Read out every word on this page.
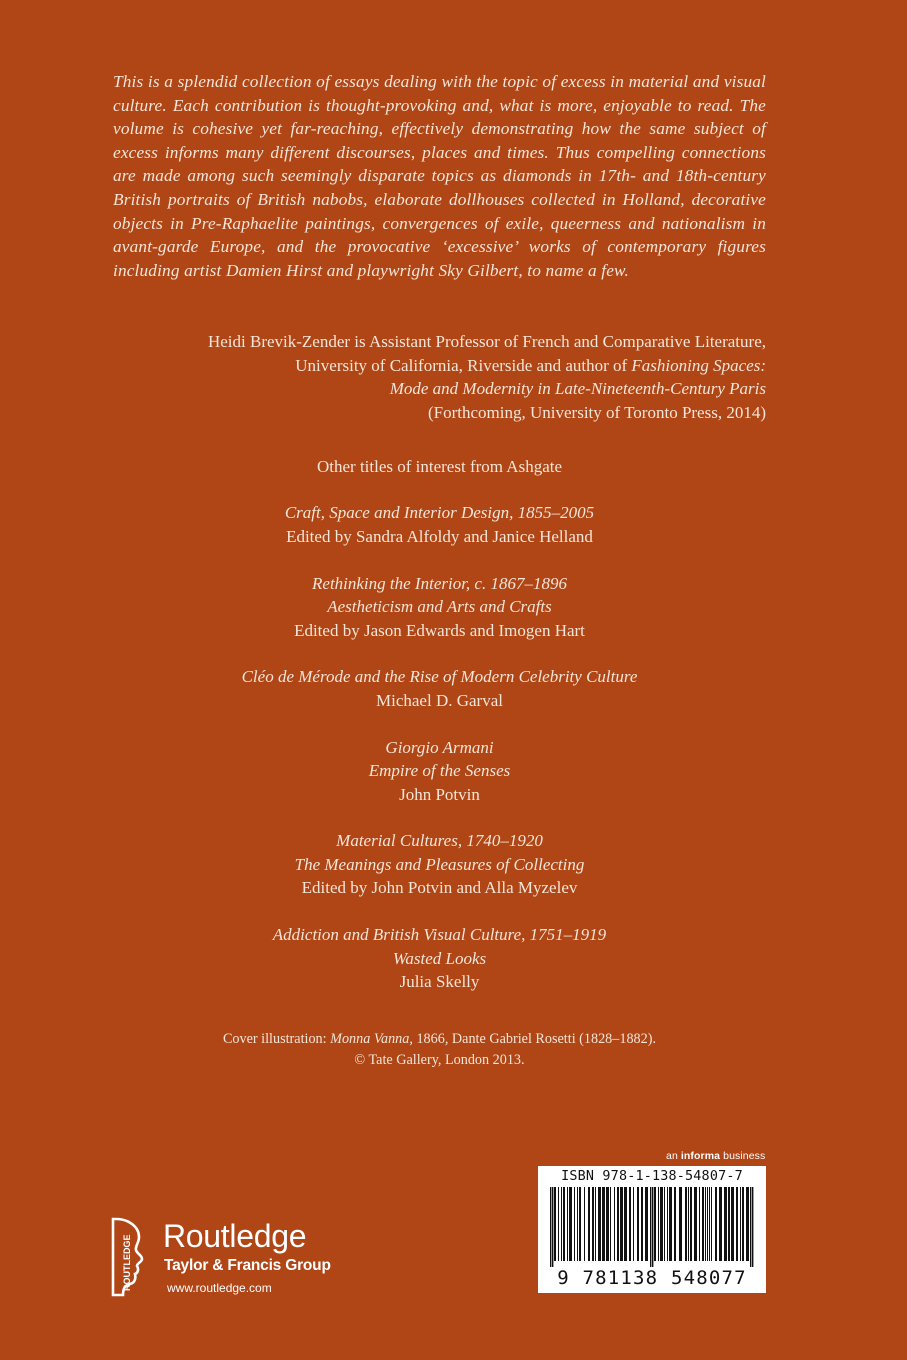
This is a splendid collection of essays dealing with the topic of excess in material and visual culture. Each contribution is thought-provoking and, what is more, enjoyable to read. The volume is cohesive yet far-reaching, effectively demonstrating how the same subject of excess informs many different discourses, places and times. Thus compelling connections are made among such seemingly disparate topics as diamonds in 17th- and 18th-century British portraits of British nabobs, elaborate dollhouses collected in Holland, decorative objects in Pre-Raphaelite paintings, convergences of exile, queerness and nationalism in avant-garde Europe, and the provocative ‘excessive’ works of contemporary figures including artist Damien Hirst and playwright Sky Gilbert, to name a few.

Heidi Brevik-Zender is Assistant Professor of French and Comparative Literature,
University of California, Riverside and author of Fashioning Spaces:
Mode and Modernity in Late-Nineteenth-Century Paris
(Forthcoming, University of Toronto Press, 2014)
Other titles of interest from Ashgate
Craft, Space and Interior Design, 1855–2005
Edited by Sandra Alfoldy and Janice Helland
Rethinking the Interior, c. 1867–1896
Aestheticism and Arts and Crafts
Edited by Jason Edwards and Imogen Hart
Cléo de Mérode and the Rise of Modern Celebrity Culture
Michael D. Garval
Giorgio Armani
Empire of the Senses
John Potvin
Material Cultures, 1740–1920
The Meanings and Pleasures of Collecting
Edited by John Potvin and Alla Myzelev
Addiction and British Visual Culture, 1751–1919
Wasted Looks
Julia Skelly
Cover illustration: Monna Vanna, 1866, Dante Gabriel Rosetti (1828–1882).
© Tate Gallery, London 2013.
an informa business
ISBN 978-1-138-54807-7
9 781138 548077
ROUTLEDGE Routledge
Taylor & Francis Group
www.routledge.com
